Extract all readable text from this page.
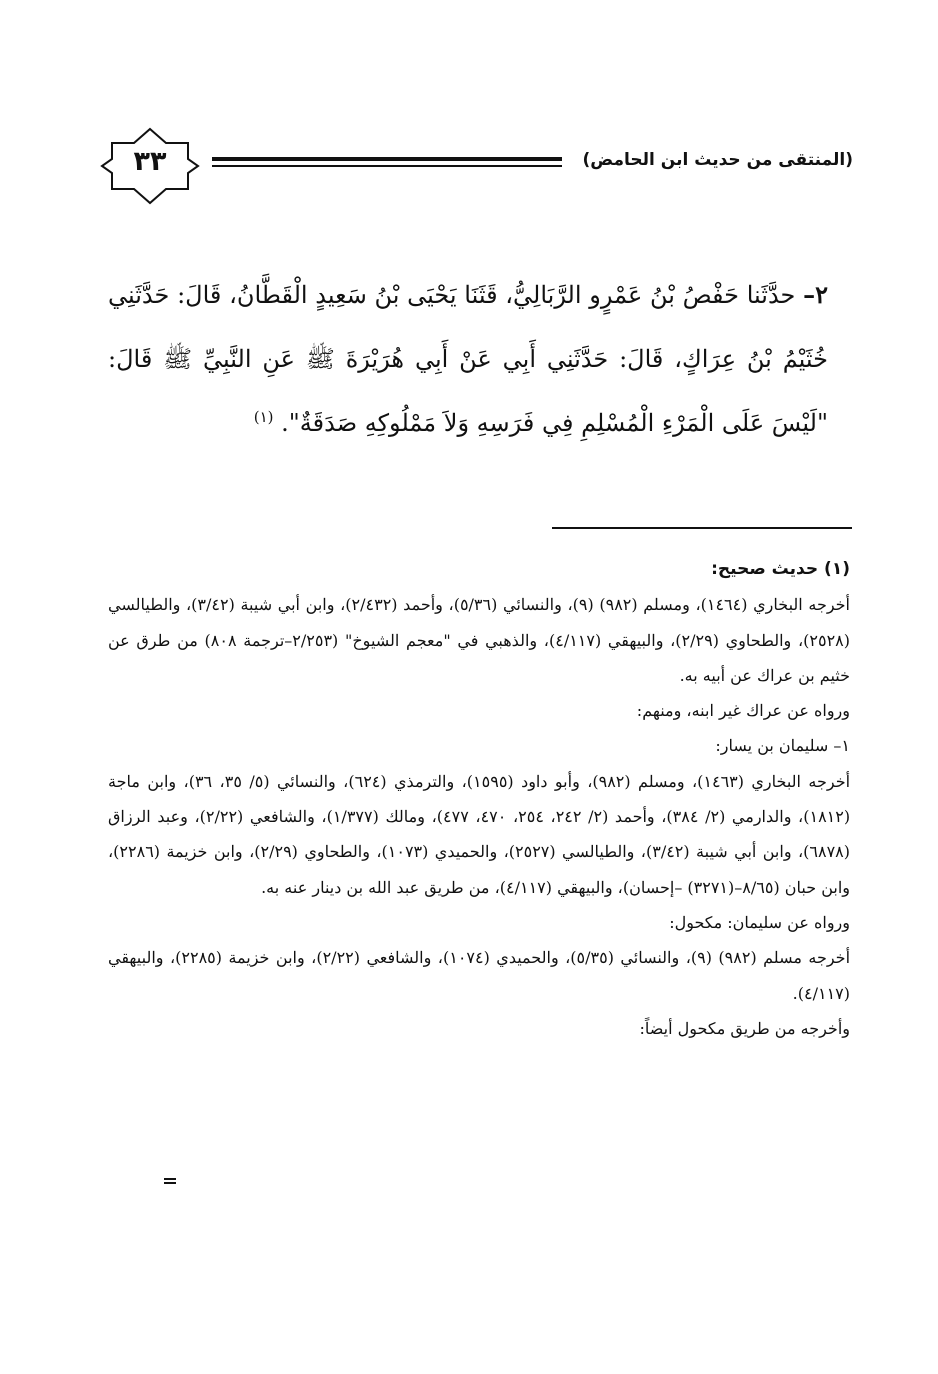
(المنتقى من حديث ابن الحامض)
٣٣
٢– حدَّثَنا حَفْصُ بْنُ عَمْرٍو الرَّبَالِيُّ، قَثَنَا يَحْيَى بْنُ سَعِيدٍ الْقَطَّانُ، قَالَ: حَدَّثَنِي خُثَيْمُ بْنُ عِرَاكٍ، قَالَ: حَدَّثَنِي أَبِي عَنْ أَبِي هُرَيْرَةَ ﷺ عَنِ النَّبِيِّ ﷺ قَالَ: "لَيْسَ عَلَى الْمَرْءِ الْمُسْلِمِ فِي فَرَسِهِ وَلاَ مَمْلُوكِهِ صَدَقَةٌ". $^{(١)}$

(١) حديث صحيح:

أخرجه البخاري (١٤٦٤)، ومسلم (٩٨٢) (٩)، والنسائي (٥/٣٦)، وأحمد (٢/٤٣٢)، وابن أبي شيبة (٣/٤٢)، والطيالسي (٢٥٢٨)، والطحاوي (٢/٢٩)، والبيهقي (٤/١١٧)، والذهبي في "معجم الشيوخ" (٢/٢٥٣–ترجمة ٨٠٨) من طرق عن خثيم بن عراك عن أبيه به.

ورواه عن عراك غير ابنه، ومنهم:

١– سليمان بن يسار:

أخرجه البخاري (١٤٦٣)، ومسلم (٩٨٢)، وأبو داود (١٥٩٥)، والترمذي (٦٢٤)، والنسائي (٥/ ٣٥، ٣٦)، وابن ماجة (١٨١٢)، والدارمي (٢/ ٣٨٤)، وأحمد (٢/ ٢٤٢، ٢٥٤، ٤٧٠، ٤٧٧)، ومالك (١/٣٧٧)، والشافعي (٢/٢٢)، وعبد الرزاق (٦٨٧٨)، وابن أبي شيبة (٣/٤٢)، والطيالسي (٢٥٢٧)، والحميدي (١٠٧٣)، والطحاوي (٢/٢٩)، وابن خزيمة (٢٢٨٦)، وابن حبان (٨/٦٥–(٣٢٧١) –إحسان)، والبيهقي (٤/١١٧)، من طريق عبد الله بن دينار عنه به.

ورواه عن سليمان: مكحول:

أخرجه مسلم (٩٨٢) (٩)، والنسائي (٥/٣٥)، والحميدي (١٠٧٤)، والشافعي (٢/٢٢)، وابن خزيمة (٢٢٨٥)، والبيهقي (٤/١١٧).

وأخرجه من طريق مكحول أيضاً:
